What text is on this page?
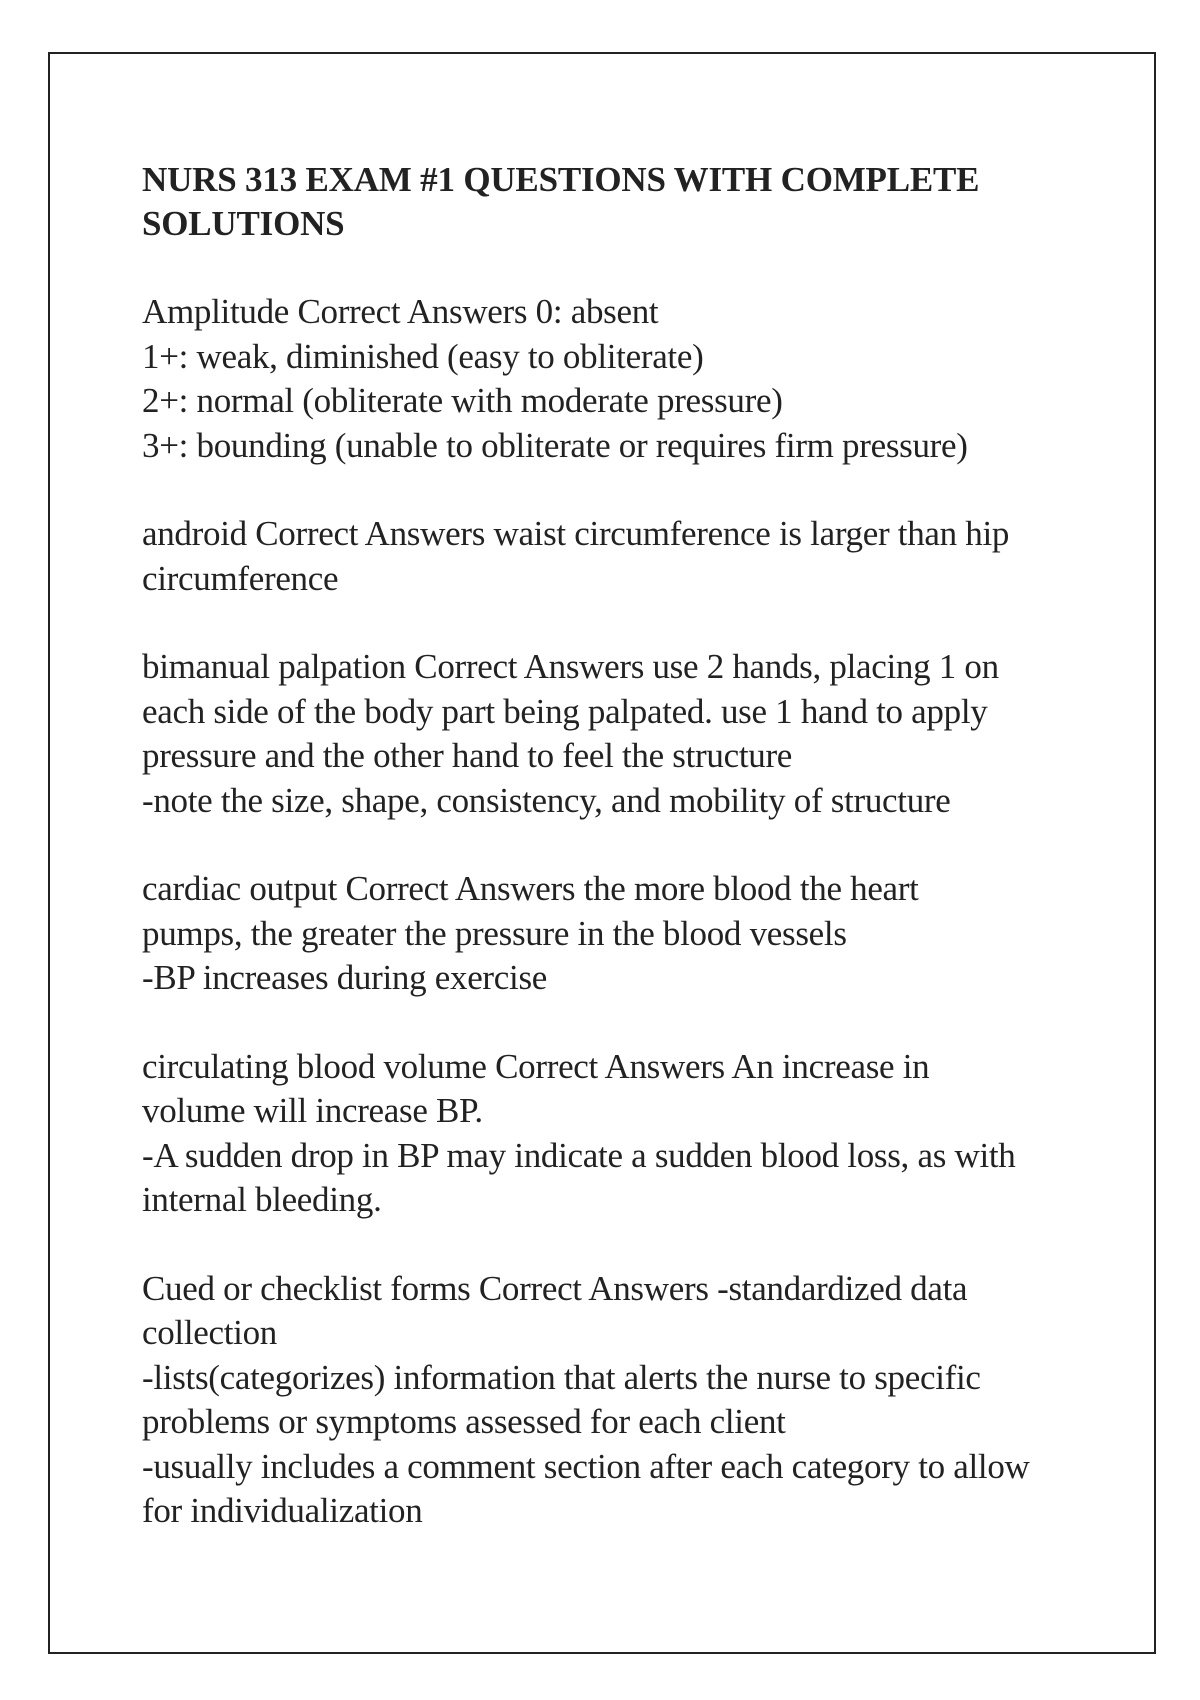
NURS 313 EXAM #1 QUESTIONS WITH COMPLETE
SOLUTIONS
Amplitude Correct Answers 0: absent
1+: weak, diminished (easy to obliterate)
2+: normal (obliterate with moderate pressure)
3+: bounding (unable to obliterate or requires firm pressure)
android Correct Answers waist circumference is larger than hip
circumference
bimanual palpation Correct Answers use 2 hands, placing 1 on
each side of the body part being palpated. use 1 hand to apply
pressure and the other hand to feel the structure
-note the size, shape, consistency, and mobility of structure
cardiac output Correct Answers the more blood the heart
pumps, the greater the pressure in the blood vessels
-BP increases during exercise
circulating blood volume Correct Answers An increase in
volume will increase BP.
-A sudden drop in BP may indicate a sudden blood loss, as with
internal bleeding.
Cued or checklist forms Correct Answers -standardized data
collection
-lists(categorizes) information that alerts the nurse to specific
problems or symptoms assessed for each client
-usually includes a comment section after each category to allow
for individualization
